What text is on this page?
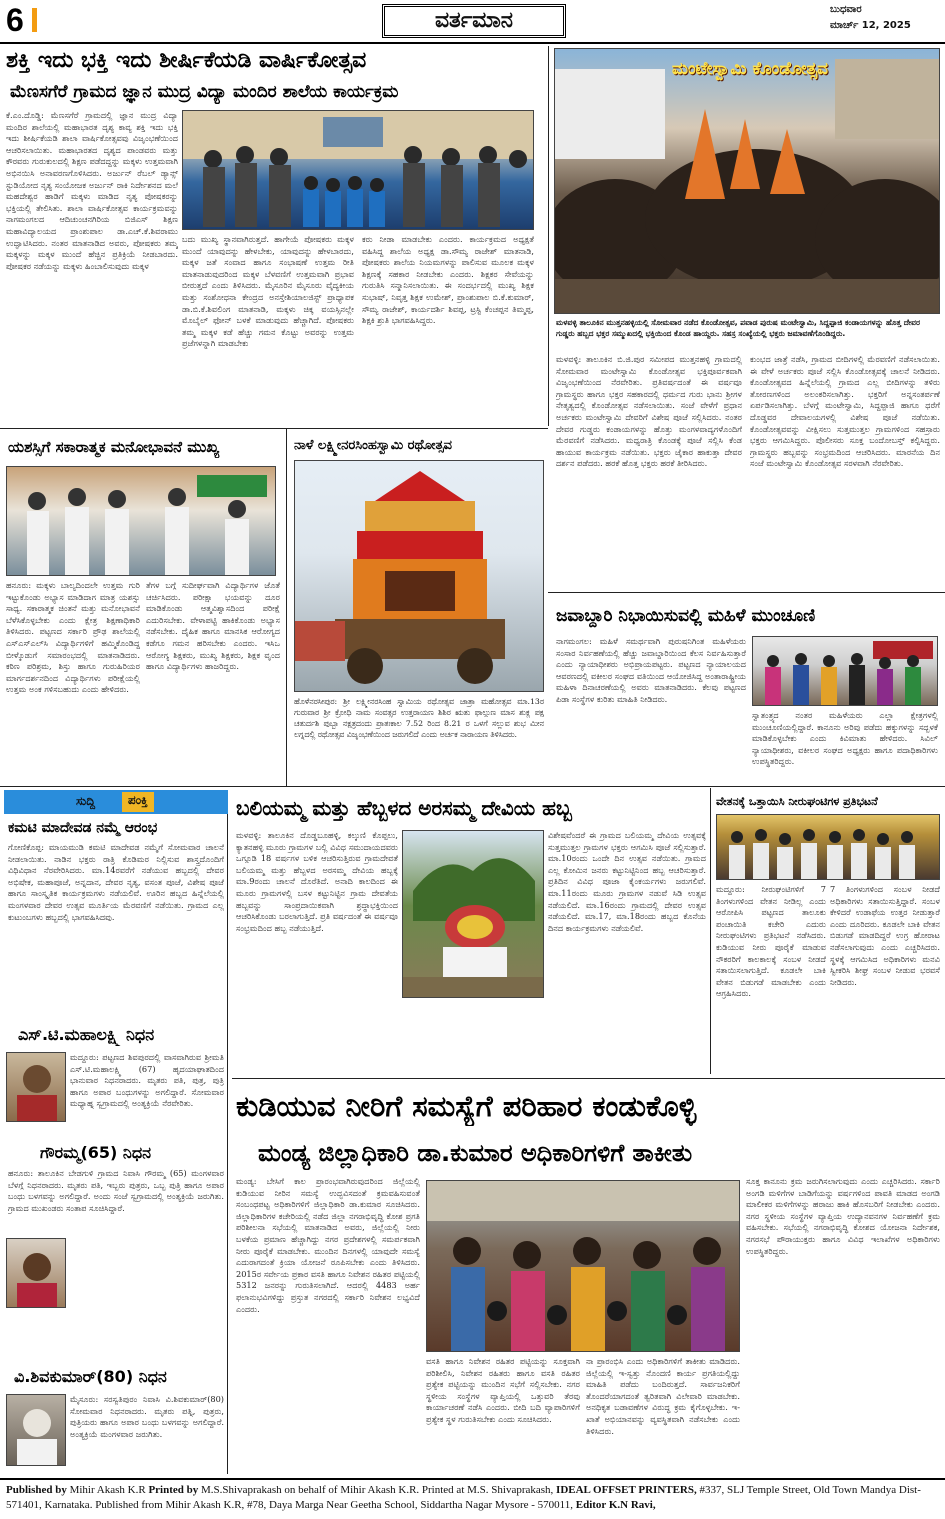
6	ವರ್ತಮಾನ	ಬುಧವಾರ
ಮಾರ್ಚ್ 12, 2025
ಶಕ್ತಿ ಇದು ಭಕ್ತಿ ಇದು ಶೀರ್ಷಿಕೆಯಡಿ ವಾರ್ಷಿಕೋತ್ಸವ
ಮೆಣಸಗೆರೆ ಗ್ರಾಮದ ಜ್ಞಾನ ಮುದ್ರ ವಿದ್ಯಾ ಮಂದಿರ ಶಾಲೆಯ ಕಾರ್ಯಕ್ರಮ
ಕೆ.ಎಂ.ದೊಡ್ಡಿ: ಮೆಣಸಗೆರೆ ಗ್ರಾಮದಲ್ಲಿ ಜ್ಞಾನ ಮುದ್ರ ವಿದ್ಯಾ ಮಂದಿರ ಶಾಲೆಯಲ್ಲಿ ಮಹಾಭಾರತ ದೃಶ್ಯ ಕಾವ್ಯ ಶಕ್ತಿ ಇದು ಭಕ್ತಿ ಇದು ಶೀರ್ಷಿಕೆಯಡಿ ಶಾಲಾ ವಾರ್ಷಿಕೋತ್ಸವವು ವಿಜೃಂಭಣೆಯಿಂದ ಆಚರಿಸಲಾಯಿತು. ಮಹಾಭಾರತದ ದೃಶ್ಯದ ಪಾಂಡವರು ಮತ್ತು ಕೌರವರು ಗುರುಕುಲದಲ್ಲಿ ಶಿಕ್ಷಣ ಪಡೆದದ್ದನ್ನು ಮಕ್ಕಳು ಉತ್ತಮವಾಗಿ ಅಭಿನಯಿಸಿ ಅನಾವರಣಗೊಳಿಸಿದರು. ಅರ್ಜುನ್ ರೆಬಲ್ ಡ್ಯಾನ್ಸ್ ಸ್ಟುಡಿಯೋದ ನೃತ್ಯ ಸಂಯೋಜಕ ಅರ್ಜುನ್ ರಾಕಿ ನಿರ್ದೇಶನದ ಮಲೆ ಮಹದೇಶ್ವರ ಹಾಡಿಗೆ ಮಕ್ಕಳು ಮಾಡಿದ ನೃತ್ಯ ಪೋಷಕರನ್ನು ಭಕ್ತಿಯಲ್ಲಿ ತೇಲಿಸಿತು. ಶಾಲಾ ವಾರ್ಷಿಕೋತ್ಸವ ಕಾರ್ಯಕ್ರಮವನ್ನು ನಾಗಮಂಗಲದ ಆದಿಚುಂಚನಗಿರಿಯ ಬಿಜಿಎಸ್ ಶಿಕ್ಷಣ ಮಹಾವಿದ್ಯಾಲಯದ ಪ್ರಾಂಶುಪಾಲ ಡಾ.ಎಚ್.ಕೆ.ಶಿವರಾಮು ಉದ್ಘಾಟಿಸಿದರು. ನಂತರ ಮಾತನಾಡಿದ ಅವರು, ಪೋಷಕರು ತಮ್ಮ ಮಕ್ಕಳನ್ನು ಮಕ್ಕಳ ಮುಂದೆ ಹೆಚ್ಚಿನ ಪ್ರತಿಕ್ರಿಯೆ ನೀಡಬಾರದು. ಪೋಷಕರ ನಡೆಯನ್ನು ಮಕ್ಕಳು ಹಿಂಬಾಲಿಸುವುದು ಮಕ್ಕಳ
ಬದು ಮುಖ್ಯ ಸ್ಥಾನವಾಗಿರುತ್ತದೆ. ಹಾಗೇಯೆ ಪೋಷಕರು ಮಕ್ಕಳ ಮುಂದೆ ಯಾವುದನ್ನು ಹೇಳಬೇಕು, ಯಾವುದನ್ನು ಹೇಳಬಾರದು, ಮಕ್ಕಳ ಜತೆ ಸಂವಾದ ಹಾಗೂ ಸಂಭಾಷಣೆ ಉತ್ತಮ ರೀತಿ ಮಾತನಾಡುವುದರಿಂದ ಮಕ್ಕಳ ಬೆಳವಣಿಗೆ ಉತ್ತಮವಾಗಿ ಪ್ರಭಾವ ಬೀರುತ್ತದೆ ಎಂದು ತಿಳಿಸಿದರು. ಮೈಸೂರಿನ ಮೈಸೂರು ವೈದ್ಯಕೀಯ ಮತ್ತು ಸಂಶೋಧನಾ ಕೇಂದ್ರದ ಅನಸ್ತೇಶಿಯಾಲಜಿಸ್ಟ್ ಪ್ರಾಧ್ಯಾಪಕ ಡಾ.ಬಿ.ಕೆ.ಶಿವಲಿಂಗ ಮಾತನಾಡಿ, ಮಕ್ಕಳು ಚಿಕ್ಕ ವಯಸ್ಸಿನಲ್ಲೇ ಮೊಬೈಲ್ ಫೋನ್ ಬಳಕೆ ಮಾಡುವುದು ಹೆಚ್ಚಾಗಿದೆ. ಪೋಷಕರು ತಮ್ಮ ಮಕ್ಕಳ ಕಡೆ ಹೆಚ್ಚು ಗಮನ ಕೊಟ್ಟು ಅವರನ್ನು ಉತ್ತಮ ಪ್ರಜೆಗಳನ್ನಾಗಿ ಮಾಡಬೇಕು
ಕರು ನೀಡಾ ಮಾಡಬೇಕು ಎಂದರು. ಕಾರ್ಯಕ್ರಮದ ಅಧ್ಯಕ್ಷತೆ ವಹಿಸಿದ್ದ ಶಾಲೆಯ ಅಧ್ಯಕ್ಷ ಡಾ.ಸೌಮ್ಯ ರಾಜೇಶ್ ಮಾತನಾಡಿ, ಪೋಷಕರು ಶಾಲೆಯ ನಿಯಮಗಳನ್ನು ಪಾಲಿಸುವ ಮೂಲಕ ಮಕ್ಕಳ ಶಿಕ್ಷಣಕ್ಕೆ ಸಹಕಾರ ನೀಡಬೇಕು ಎಂದರು. ಶಿಕ್ಷಕರ ಸೇವೆಯನ್ನು ಗುರುತಿಸಿ ಸನ್ಮಾನಿಸಲಾಯಿತು. ಈ ಸಂದರ್ಭದಲ್ಲಿ ಮುಖ್ಯ ಶಿಕ್ಷಕ ಸುಭಾಷ್, ನಿವೃತ್ತ ಶಿಕ್ಷಕ ಉಮೇಶ್, ಪ್ರಾಂಶುಪಾಲ ಬಿ.ಕೆ.ಕುಮಾರ್, ಸೌಮ್ಯ ರಾಜೇಶ್, ಕಾರ್ಯದರ್ಶಿ ಶಿವಪ್ಪ, ಟ್ರಸ್ಟಿ ಕೆಂಚಪ್ಪನ ತಿಮ್ಮಪ್ಪ, ಶಿಕ್ಷಕಿ ಶ್ರುತಿ ಭಾಗವಹಿಸಿದ್ದರು.
ಮಂಟೇಸ್ವಾಮಿ ಕೊಂಡೋತ್ಸವ
ಮಳವಳ್ಳಿ ತಾಲೂಕಿನ ಮುತ್ತನಹಳ್ಳಿಯಲ್ಲಿ ಸೋಮವಾರ ನಡೆದ ಕೊಂಡೋತ್ಸವ, ಪವಾಡ ಪುರುಷ ಮಂಟೇಸ್ವಾಮಿ, ಸಿದ್ದಪ್ಪಾಜಿ ಕಂಡಾಯಗಳನ್ನು ಹೊತ್ತ ದೇವರ ಗುಡ್ಡರು ಹಬ್ಬದ ಭಕ್ತರ ಸಮ್ಮುಖದಲ್ಲಿ ಭಕ್ತಿಯಿಂದ ಕೊಂಡ ಹಾಯ್ದರು. ಸಹಸ್ರ ಸಂಖ್ಯೆಯಲ್ಲಿ ಭಕ್ತರು ಜಮಾವಣೆಗೊಂಡಿದ್ದರು.
ಮಳವಳ್ಳಿ: ತಾಲೂಕಿನ ಬಿ.ಜಿ.ಪುರ ಸಮೀಪದ ಮುತ್ತನಹಳ್ಳಿ ಗ್ರಾಮದಲ್ಲಿ ಸೋಮವಾರ ಮಂಟೇಸ್ವಾಮಿ ಕೊಂಡೋತ್ಸವ ಭಕ್ತಿಪೂರ್ವಕವಾಗಿ ವಿಜೃಂಭಣೆಯಿಂದ ನೆರವೇರಿತು. ಪ್ರತಿವರ್ಷದಂತೆ ಈ ವರ್ಷವೂ ಗ್ರಾಮಸ್ಥರು ಹಾಗೂ ಭಕ್ತರ ಸಹಕಾರದಲ್ಲಿ ಧರ್ಮದ ಗುರು ಭಾನು ಶ್ರೀಗಳ ನೇತೃತ್ವದಲ್ಲಿ ಕೊಂಡೋತ್ಸವ ನಡೆಸಲಾಯಿತು. ಸಂಜೆ ವೇಳೆಗೆ ಪ್ರಧಾನ ಅರ್ಚಕರು ಮಂಟೇಸ್ವಾಮಿ ದೇವರಿಗೆ ವಿಶೇಷ ಪೂಜೆ ಸಲ್ಲಿಸಿದರು. ನಂತರ ದೇವರ ಗುಡ್ಡರು ಕಂಡಾಯಗಳನ್ನು ಹೊತ್ತು ಮಂಗಳವಾದ್ಯಗಳೊಂದಿಗೆ ಮೆರವಣಿಗೆ ನಡೆಸಿದರು. ಮಧ್ಯರಾತ್ರಿ ಕೊಂಡಕ್ಕೆ ಪೂಜೆ ಸಲ್ಲಿಸಿ ಕೆಂಡ ಹಾಯುವ ಕಾರ್ಯಕ್ರಮ ನಡೆಯಿತು. ಭಕ್ತರು ಜೈಕಾರ ಹಾಕುತ್ತಾ ದೇವರ ದರ್ಶನ ಪಡೆದರು. ಹರಕೆ ಹೊತ್ತ ಭಕ್ತರು ಹರಕೆ ತೀರಿಸಿದರು.
ಕುಂಭದ ಜಾತ್ರೆ ನಡೆಸಿ, ಗ್ರಾಮದ ಬೀದಿಗಳಲ್ಲಿ ಮೆರವಣಿಗೆ ನಡೆಸಲಾಯಿತು. ಈ ವೇಳೆ ಅರ್ಚಕರು ಪೂಜೆ ಸಲ್ಲಿಸಿ ಕೊಂಡೋತ್ಸವಕ್ಕೆ ಚಾಲನೆ ನೀಡಿದರು. ಕೊಂಡೋತ್ಸವದ ಹಿನ್ನೆಲೆಯಲ್ಲಿ ಗ್ರಾಮದ ಎಲ್ಲ ಬೀದಿಗಳನ್ನು ತಳಿರು ತೋರಣಗಳಿಂದ ಅಲಂಕರಿಸಲಾಗಿತ್ತು. ಭಕ್ತರಿಗೆ ಅನ್ನಸಂತರ್ಪಣೆ ಏರ್ಪಡಿಸಲಾಗಿತ್ತು. ಬೆಳಗ್ಗೆ ಮಂಟೇಸ್ವಾಮಿ, ಸಿದ್ದಪ್ಪಾಜಿ ಹಾಗೂ ಧರೆಗೆ ದೊಡ್ಡವರ ದೇವಾಲಯಗಳಲ್ಲಿ ವಿಶೇಷ ಪೂಜೆ ನಡೆಯಿತು. ಕೊಂಡೋತ್ಸವವನ್ನು ವೀಕ್ಷಿಸಲು ಸುತ್ತಮುತ್ತಲ ಗ್ರಾಮಗಳಿಂದ ಸಹಸ್ರಾರು ಭಕ್ತರು ಆಗಮಿಸಿದ್ದರು. ಪೊಲೀಸರು ಸೂಕ್ತ ಬಂದೋಬಸ್ತ್ ಕಲ್ಪಿಸಿದ್ದರು. ಗ್ರಾಮಸ್ಥರು ಹಬ್ಬವನ್ನು ಸಂಭ್ರಮದಿಂದ ಆಚರಿಸಿದರು. ಮಾರನೆಯ ದಿನ ಸಂಜೆ ಮಂಟೇಸ್ವಾಮಿ ಕೊಂಡೋತ್ಸವ ಸರಳವಾಗಿ ನೆರವೇರಿತು.
ಯಶಸ್ಸಿಗೆ ಸಕಾರಾತ್ಮಕ ಮನೋಭಾವನೆ ಮುಖ್ಯ
ಹನೂರು: ಮಕ್ಕಳು ಬಾಲ್ಯದಿಂದಲೇ ಉತ್ತಮ ಗುರಿ ಇಟ್ಟುಕೊಂಡು ಅಭ್ಯಾಸ ಮಾಡಿದಾಗ ಮಾತ್ರ ಯಶಸ್ಸು ಸಾಧ್ಯ. ಸಕಾರಾತ್ಮಕ ಚಿಂತನೆ ಮತ್ತು ಮನೋಭಾವನೆ ಬೆಳೆಸಿಕೊಳ್ಳಬೇಕು ಎಂದು ಕ್ಷೇತ್ರ ಶಿಕ್ಷಣಾಧಿಕಾರಿ ತಿಳಿಸಿದರು. ಪಟ್ಟಣದ ಸರ್ಕಾರಿ ಪ್ರೌಢ ಶಾಲೆಯಲ್ಲಿ ಎಸ್ಎಸ್ಎಲ್‌ಸಿ ವಿದ್ಯಾರ್ಥಿಗಳಿಗೆ ಹಮ್ಮಿಕೊಂಡಿದ್ದ ಬೀಳ್ಕೊಡುಗೆ ಸಮಾರಂಭದಲ್ಲಿ ಮಾತನಾಡಿದರು. ಕಠಿಣ ಪರಿಶ್ರಮ, ಶಿಸ್ತು ಹಾಗೂ ಗುರುಹಿರಿಯರ ಮಾರ್ಗದರ್ಶನದಿಂದ ವಿದ್ಯಾರ್ಥಿಗಳು ಪರೀಕ್ಷೆಯಲ್ಲಿ ಉತ್ತಮ ಅಂಕ ಗಳಿಸಬಹುದು ಎಂದು ಹೇಳಿದರು.
ತೆಗಳ ಬಗ್ಗೆ ಸುದೀರ್ಘವಾಗಿ ವಿದ್ಯಾರ್ಥಿಗಳ ಜೊತೆ ಚರ್ಚಿಸಿದರು. ಪರೀಕ್ಷಾ ಭಯವನ್ನು ದೂರ ಮಾಡಿಕೊಂಡು ಆತ್ಮವಿಶ್ವಾಸದಿಂದ ಪರೀಕ್ಷೆ ಎದುರಿಸಬೇಕು. ವೇಳಾಪಟ್ಟಿ ಹಾಕಿಕೊಂಡು ಅಭ್ಯಾಸ ನಡೆಸಬೇಕು. ದೈಹಿಕ ಹಾಗೂ ಮಾನಸಿಕ ಆರೋಗ್ಯದ ಕಡೆಗೂ ಗಮನ ಹರಿಸಬೇಕು ಎಂದರು. ಇಸಿಒ ಆರೋಗ್ಯ ಶಿಕ್ಷಕರು, ಮುಖ್ಯ ಶಿಕ್ಷಕರು, ಶಿಕ್ಷಕ ವೃಂದ ಹಾಗೂ ವಿದ್ಯಾರ್ಥಿಗಳು ಹಾಜರಿದ್ದರು.
ನಾಳೆ ಲಕ್ಷ್ಮೀನರಸಿಂಹಸ್ವಾಮಿ ರಥೋತ್ಸವ
ಹೊಳೆನರಸೀಪುರ: ಶ್ರೀ ಲಕ್ಷ್ಮೀನರಸಿಂಹ ಸ್ವಾಮಿಯ ರಥೋತ್ಸವ ಜಾತ್ರಾ ಮಹೋತ್ಸವ ಮಾ.13ರ ಗುರುವಾರ ಶ್ರೀ ಕ್ರೋಧಿ ನಾಮ ಸಂವತ್ಸರ ಉತ್ತರಾಯಣ ಶಿಶಿರ ಋತು ಫಾಲ್ಗುಣ ಮಾಸ ಶುಕ್ಲ ಪಕ್ಷ ಚತುರ್ದಶಿ ಪುಬ್ಬಾ ನಕ್ಷತ್ರದಂದು ಪ್ರಾತಃಕಾಲ 7.52 ರಿಂದ 8.21 ರ ಒಳಗೆ ಸಲ್ಲುವ ಶುಭ ಮೀನ ಲಗ್ನದಲ್ಲಿ ರಥೋತ್ಸವ ವಿಜೃಂಭಣೆಯಿಂದ ಜರುಗಲಿದೆ ಎಂದು ಅರ್ಚಕ ನಾರಾಯಣ ತಿಳಿಸಿದರು.
ಜವಾಬ್ದಾರಿ ನಿಭಾಯಿಸುವಲ್ಲಿ ಮಹಿಳೆ ಮುಂಚೂಣಿ
ನಾಗಮಂಗಲ: ಮಹಿಳೆ ಸಮರ್ಥವಾಗಿ ಪುರುಷನಿಗಿಂತ ಮಹಿಳೆಯರು ಸಂಸಾರ ನಿರ್ವಹಣೆಯಲ್ಲಿ ಹೆಚ್ಚು ಜವಾಬ್ದಾರಿಯಿಂದ ಕೆಲಸ ನಿರ್ವಹಿಸುತ್ತಾರೆ ಎಂದು ನ್ಯಾಯಾಧೀಶರು ಅಭಿಪ್ರಾಯಪಟ್ಟರು. ಪಟ್ಟಣದ ನ್ಯಾಯಾಲಯದ ಆವರಣದಲ್ಲಿ ವಕೀಲರ ಸಂಘದ ವತಿಯಿಂದ ಆಯೋಜಿಸಿದ್ದ ಅಂತಾರಾಷ್ಟ್ರೀಯ ಮಹಿಳಾ ದಿನಾಚರಣೆಯಲ್ಲಿ ಅವರು ಮಾತನಾಡಿದರು. ಕೆಲವು ಪಟ್ಟಣದ ಪಿಡಾ ಸಂಸ್ಥೆಗಳ ಕುರಿತು ಮಾಹಿತಿ ನೀಡಿದರು.
ಸ್ವಾತಂತ್ರ್ಯದ ನಂತರ ಮಹಿಳೆಯರು ಎಲ್ಲಾ ಕ್ಷೇತ್ರಗಳಲ್ಲಿ ಮುಂಚೂಣಿಯಲ್ಲಿದ್ದಾರೆ. ಕಾನೂನು ಅರಿವು ಪಡೆದು ಹಕ್ಕುಗಳನ್ನು ಸದ್ಬಳಕೆ ಮಾಡಿಕೊಳ್ಳಬೇಕು ಎಂದು ಕಿವಿಮಾತು ಹೇಳಿದರು. ಸಿವಿಲ್ ನ್ಯಾಯಾಧೀಶರು, ವಕೀಲರ ಸಂಘದ ಅಧ್ಯಕ್ಷರು ಹಾಗೂ ಪದಾಧಿಕಾರಿಗಳು ಉಪಸ್ಥಿತರಿದ್ದರು.
ಸುದ್ದಿ	ಪಂಕ್ತಿ
ಕಮಟಿ ಮಾದೇವಡ ನಮ್ಮೆ ಆರಂಭ
ಗೋಣಿಕೊಪ್ಪ: ಮಾಯಮುಡಿ ಕಮಟಿ ಮಾದೇವಡ ನಮ್ಮೆಗೆ ಸೋಮವಾರ ಚಾಲನೆ ನೀಡಲಾಯಿತು. ನಾಡಿನ ಭಕ್ತರು ರಾತ್ರಿ ಕೊಡಿಮರ ನಿಲ್ಲಿಸುವ ಶಾಸ್ತ್ರದೊಂದಿಗೆ ವಿಧಿವಿಧಾನ ನೆರವೇರಿಸಿದರು. ಮಾ.14ರವರೆಗೆ ನಡೆಯುವ ಹಬ್ಬದಲ್ಲಿ ದೇವರ ಅಭಿಷೇಕ, ಮಹಾಪೂಜೆ, ಅನ್ನದಾನ, ದೇವರ ನೃತ್ಯ, ವಸಂತ ಪೂಜೆ, ವಿಶೇಷ ಪೂಜೆ ಹಾಗೂ ಸಾಂಸ್ಕೃತಿಕ ಕಾರ್ಯಕ್ರಮಗಳು ನಡೆಯಲಿವೆ. ಊರಿನ ಹಬ್ಬದ ಹಿನ್ನೆಲೆಯಲ್ಲಿ ಮಂಗಳವಾರ ದೇವರ ಉತ್ಸವ ಮೂರ್ತಿಯ ಮೆರವಣಿಗೆ ನಡೆಯಿತು. ಗ್ರಾಮದ ಎಲ್ಲ ಕುಟುಂಬಗಳು ಹಬ್ಬದಲ್ಲಿ ಭಾಗವಹಿಸಿದವು.
ಎಸ್.ಟಿ.ಮಹಾಲಕ್ಷ್ಮಿ ನಿಧನ
ಮದ್ದೂರು: ಪಟ್ಟಣದ ಶಿವಪುರದಲ್ಲಿ ವಾಸವಾಗಿರುವ ಶ್ರೀಮತಿ ಎಸ್.ಟಿ.ಮಹಾಲಕ್ಷ್ಮಿ (67) ಹೃದಯಾಘಾತದಿಂದ ಭಾನುವಾರ ನಿಧನರಾದರು. ಮೃತರು ಪತಿ, ಪುತ್ರ, ಪುತ್ರಿ ಹಾಗೂ ಅಪಾರ ಬಂಧುಗಳನ್ನು ಅಗಲಿದ್ದಾರೆ. ಸೋಮವಾರ ಮಧ್ಯಾಹ್ನ ಸ್ವಗ್ರಾಮದಲ್ಲಿ ಅಂತ್ಯಕ್ರಿಯೆ ನೆರವೇರಿತು.
ಗೌರಮ್ಮ(65) ನಿಧನ
ಹನೂರು: ತಾಲೂಕಿನ ಬೇಡಗುಳಿ ಗ್ರಾಮದ ನಿವಾಸಿ ಗೌರಮ್ಮ (65) ಮಂಗಳವಾರ ಬೆಳಗ್ಗೆ ನಿಧನರಾದರು. ಮೃತರು ಪತಿ, ಇಬ್ಬರು ಪುತ್ರರು, ಒಬ್ಬ ಪುತ್ರಿ ಹಾಗೂ ಅಪಾರ ಬಂಧು ಬಳಗವನ್ನು ಅಗಲಿದ್ದಾರೆ. ಅಂದು ಸಂಜೆ ಸ್ವಗ್ರಾಮದಲ್ಲಿ ಅಂತ್ಯಕ್ರಿಯೆ ಜರುಗಿತು. ಗ್ರಾಮದ ಮುಖಂಡರು ಸಂತಾಪ ಸೂಚಿಸಿದ್ದಾರೆ.
ವಿ.ಶಿವಕುಮಾರ್(80) ನಿಧನ
ಮೈಸೂರು: ಸರಸ್ವತಿಪುರಂ ನಿವಾಸಿ ವಿ.ಶಿವಕುಮಾರ್(80) ಸೋಮವಾರ ನಿಧನರಾದರು. ಮೃತರು ಪತ್ನಿ, ಪುತ್ರರು, ಪುತ್ರಿಯರು ಹಾಗೂ ಅಪಾರ ಬಂಧು ಬಳಗವನ್ನು ಅಗಲಿದ್ದಾರೆ. ಅಂತ್ಯಕ್ರಿಯೆ ಮಂಗಳವಾರ ಜರುಗಿತು.
ಬಲಿಯಮ್ಮ ಮತ್ತು ಹೆಬ್ಬಳದ ಅರಸಮ್ಮ ದೇವಿಯ ಹಬ್ಬ
ಮಳವಳ್ಳಿ: ತಾಲೂಕಿನ ದೊಡ್ಡಬೂಹಳ್ಳಿ, ಕಲ್ಕುಣಿ ಕೊಪ್ಪಲು, ಕ್ಯಾತನಹಳ್ಳಿ ಮೂರು ಗ್ರಾಮಗಳ ಬಲ್ಲಿ ವಿವಿಧ ಸಮುದಾಯದವರು ಒಗ್ಗೂಡಿ 18 ವರ್ಷಗಳ ಬಳಿಕ ಆಚರಿಸುತ್ತಿರುವ ಗ್ರಾಮದೇವತೆ ಬಲಿಯಮ್ಮ ಮತ್ತು ಹೆಬ್ಬಳದ ಅರಸಮ್ಮ ದೇವಿಯ ಹಬ್ಬಕ್ಕೆ ಮಾ.9ರಂದು ಚಾಲನೆ ದೊರೆತಿದೆ. ಅನಾದಿ ಕಾಲದಿಂದ ಈ ಮೂರು ಗ್ರಾಮಗಳಲ್ಲಿ ಬಸಳ ಕಟ್ಟುನಿಟ್ಟಿನ ಗ್ರಾಮ ದೇವತೆಯ ಹಬ್ಬವನ್ನು ಸಾಂಪ್ರದಾಯಿಕವಾಗಿ ಶ್ರದ್ಧಾಭಕ್ತಿಯಿಂದ ಆಚರಿಸಿಕೊಂಡು ಬರಲಾಗುತ್ತಿದೆ. ಪ್ರತಿ ವರ್ಷದಂತೆ ಈ ವರ್ಷವೂ ಸಂಭ್ರಮದಿಂದ ಹಬ್ಬ ನಡೆಯುತ್ತಿದೆ.
ವಿಶೇಷವೆಂದರೆ ಈ ಗ್ರಾಮದ ಬಲಿಯಮ್ಮ ದೇವಿಯ ಉತ್ಸವಕ್ಕೆ ಸುತ್ತಮುತ್ತಲ ಗ್ರಾಮಗಳ ಭಕ್ತರು ಆಗಮಿಸಿ ಪೂಜೆ ಸಲ್ಲಿಸುತ್ತಾರೆ. ಮಾ.10ರಂದು ಒಂದೇ ದಿನ ಉತ್ಸವ ನಡೆಯಿತು. ಗ್ರಾಮದ ಎಲ್ಲ ಕೋಮಿನ ಜನರು ಕಟ್ಟುನಿಟ್ಟಿನಿಂದ ಹಬ್ಬ ಆಚರಿಸುತ್ತಾರೆ. ಪ್ರತಿದಿನ ವಿವಿಧ ಪೂಜಾ ಕೈಂಕರ್ಯಗಳು ಜರುಗಲಿವೆ. ಮಾ.11ರಂದು ಮೂರು ಗ್ರಾಮಗಳ ನಡುವೆ ಸಿಡಿ ಉತ್ಸವ ನಡೆಯಲಿದೆ. ಮಾ.16ರಂದು ಗ್ರಾಮದಲ್ಲಿ ದೇವರ ಉತ್ಸವ ನಡೆಯಲಿದೆ. ಮಾ.17, ಮಾ.18ರಂದು ಹಬ್ಬದ ಕೊನೆಯ ದಿನದ ಕಾರ್ಯಕ್ರಮಗಳು ನಡೆಯಲಿವೆ.
ವೇತನಕ್ಕೆ ಒತ್ತಾಯಿಸಿ ನೀರುಘಂಟಿಗಳ ಪ್ರತಿಭಟನೆ
ಮದ್ದೂರು: ನೀರುಘಂಟಿಗಳಿಗೆ 7 ತಿಂಗಳುಗಳಿಂದ ವೇತನ ನೀಡಿಲ್ಲ ಎಂದು ಆರೋಪಿಸಿ ಪಟ್ಟಣದ ತಾಲೂಕು ಪಂಚಾಯಿತಿ ಕಚೇರಿ ಎದುರು ನೀರುಘಂಟಿಗಳು ಪ್ರತಿಭಟನೆ ನಡೆಸಿದರು. ಕುಡಿಯುವ ನೀರು ಪೂರೈಕೆ ಮಾಡುವ ನೌಕರರಿಗೆ ಕಾಲಕಾಲಕ್ಕೆ ಸಂಬಳ ನೀಡದೆ ಸತಾಯಿಸಲಾಗುತ್ತಿದೆ. ಕೂಡಲೇ ಬಾಕಿ ವೇತನ ಬಿಡುಗಡೆ ಮಾಡಬೇಕು ಎಂದು ಆಗ್ರಹಿಸಿದರು.
7 ತಿಂಗಳುಗಳಿಂದ ಸಂಬಳ ನೀಡದೆ ಅಧಿಕಾರಿಗಳು ಸತಾಯಿಸುತ್ತಿದ್ದಾರೆ. ಸಂಬಳ ಕೇಳಿದರೆ ಉಡಾಫೆಯ ಉತ್ತರ ನೀಡುತ್ತಾರೆ ಎಂದು ದೂರಿದರು. ಕೂಡಲೇ ಬಾಕಿ ವೇತನ ಬಿಡುಗಡೆ ಮಾಡದಿದ್ದರೆ ಉಗ್ರ ಹೋರಾಟ ನಡೆಸಲಾಗುವುದು ಎಂದು ಎಚ್ಚರಿಸಿದರು. ಸ್ಥಳಕ್ಕೆ ಆಗಮಿಸಿದ ಅಧಿಕಾರಿಗಳು ಮನವಿ ಸ್ವೀಕರಿಸಿ ಶೀಘ್ರ ಸಂಬಳ ನೀಡುವ ಭರವಸೆ ನೀಡಿದರು.
ಕುಡಿಯುವ ನೀರಿಗೆ ಸಮಸ್ಯೆಗೆ ಪರಿಹಾರ ಕಂಡುಕೊಳ್ಳಿ
ಮಂಡ್ಯ ಜಿಲ್ಲಾಧಿಕಾರಿ ಡಾ.ಕುಮಾರ ಅಧಿಕಾರಿಗಳಿಗೆ ತಾಕೀತು
ಮಂಡ್ಯ: ಬೇಸಿಗೆ ಕಾಲ ಪ್ರಾರಂಭವಾಗಿರುವುದರಿಂದ ಜಿಲ್ಲೆಯಲ್ಲಿ ಕುಡಿಯುವ ನೀರಿನ ಸಮಸ್ಯೆ ಉದ್ಭವಿಸದಂತೆ ಕ್ರಮವಹಿಸುವಂತೆ ಸಂಬಂಧಪಟ್ಟ ಅಧಿಕಾರಿಗಳಿಗೆ ಜಿಲ್ಲಾಧಿಕಾರಿ ಡಾ.ಕುಮಾರ ಸೂಚಿಸಿದರು. ಜಿಲ್ಲಾಧಿಕಾರಿಗಳ ಕಚೇರಿಯಲ್ಲಿ ನಡೆದ ಜಿಲ್ಲಾ ನಗರಾಭಿವೃದ್ಧಿ ಕೋಶ ಪ್ರಗತಿ ಪರಿಶೀಲನಾ ಸಭೆಯಲ್ಲಿ ಮಾತನಾಡಿದ ಅವರು, ಜಿಲ್ಲೆಯಲ್ಲಿ ನೀರು ಬಳಕೆಯ ಪ್ರಮಾಣ ಹೆಚ್ಚಾಗಿದ್ದು ನಗರ ಪ್ರದೇಶಗಳಲ್ಲಿ ಸಮರ್ಪಕವಾಗಿ ನೀರು ಪೂರೈಕೆ ಮಾಡಬೇಕು. ಮುಂದಿನ ದಿನಗಳಲ್ಲಿ ಯಾವುದೇ ಸಮಸ್ಯೆ ಎದುರಾಗದಂತೆ ಕ್ರಿಯಾ ಯೋಜನೆ ರೂಪಿಸಬೇಕು ಎಂದು ತಿಳಿಸಿದರು. 2015ರ ಸರ್ವೇಯ ಪ್ರಕಾರ ವಸತಿ ಹಾಗೂ ನಿವೇಶನ ರಹಿತರ ಪಟ್ಟಿಯಲ್ಲಿ 5312 ಜನರನ್ನು ಗುರುತಿಸಲಾಗಿದೆ. ಆದರಲ್ಲಿ 4483 ಅರ್ಹ ಫಲಾನುಭವಿಗಳಿದ್ದು ಪ್ರಸ್ತುತ ನಗರದಲ್ಲಿ ಸರ್ಕಾರಿ ನಿವೇಶನ ಲಭ್ಯವಿದೆ ಎಂದರು.
ವಸತಿ ಹಾಗೂ ನಿವೇಶನ ರಹಿತರ ಪಟ್ಟಿಯನ್ನು ಸೂಕ್ತವಾಗಿ ಪರಿಶೀಲಿಸಿ, ನಿವೇಶನ ರಹಿತರು ಹಾಗೂ ವಸತಿ ರಹಿತರ ಪ್ರತ್ಯೇಕ ಪಟ್ಟಿಯನ್ನು ಮುಂದಿನ ಸಭೆಗೆ ಸಲ್ಲಿಸಬೇಕು. ನಗರ ಸ್ಥಳೀಯ ಸಂಸ್ಥೆಗಳ ವ್ಯಾಪ್ತಿಯಲ್ಲಿ ಒತ್ತುವರಿ ತೆರವು ಕಾರ್ಯಾಚರಣೆ ನಡೆಸಿ ಎಂದರು. ಬೀದಿ ಬದಿ ವ್ಯಾಪಾರಿಗಳಿಗೆ ಪ್ರತ್ಯೇಕ ಸ್ಥಳ ಗುರುತಿಸಬೇಕು ಎಂದು ಸೂಚಿಸಿದರು.
ನಾ ಪ್ರಾರಂಭಿಸಿ ಎಂದು ಅಧಿಕಾರಿಗಳಿಗೆ ತಾಕೀತು ಮಾಡಿದರು. ಜಿಲ್ಲೆಯಲ್ಲಿ ಇ-ಸ್ವತ್ತು ನೊಂದಣಿ ಕಾರ್ಯ ಪ್ರಗತಿಯಲ್ಲಿದ್ದು ಮಾಹಿತಿ ಪಡೆದು ಬಂದಿರುತ್ತದೆ. ಸಾರ್ವಜನಿಕರಿಗೆ ತೊಂದರೆಯಾಗದಂತೆ ತ್ವರಿತವಾಗಿ ವಿಲೇವಾರಿ ಮಾಡಬೇಕು. ಅನಧಿಕೃತ ಬಡಾವಣೆಗಳ ವಿರುದ್ಧ ಕ್ರಮ ಕೈಗೊಳ್ಳಬೇಕು. ಇ-ಖಾತೆ ಅಭಿಯಾನವನ್ನು ವ್ಯವಸ್ಥಿತವಾಗಿ ನಡೆಸಬೇಕು ಎಂದು ತಿಳಿಸಿದರು.
ಸೂಕ್ತ ಕಾನೂನು ಕ್ರಮ ಜರುಗಿಸಲಾಗುವುದು ಎಂದು ಎಚ್ಚರಿಸಿದರು. ಸರ್ಕಾರಿ ಅಂಗಡಿ ಮಳಿಗೆಗಳ ಬಾಡಿಗೆಯನ್ನು ವರ್ಷಗಳಿಂದ ಪಾವತಿ ಮಾಡದ ಅಂಗಡಿ ಮಾಲೀಕರ ಮಳಿಗೆಗಳನ್ನು ಹರಾಜು ಹಾಕಿ ಹೊಸಬರಿಗೆ ನೀಡಬೇಕು ಎಂದರು. ನಗರ ಸ್ಥಳೀಯ ಸಂಸ್ಥೆಗಳ ವ್ಯಾಪ್ತಿಯ ಉದ್ಯಾನವನಗಳ ನಿರ್ವಹಣೆಗೆ ಕ್ರಮ ವಹಿಸಬೇಕು. ಸಭೆಯಲ್ಲಿ ನಗರಾಭಿವೃದ್ಧಿ ಕೋಶದ ಯೋಜನಾ ನಿರ್ದೇಶಕ, ನಗರಸಭೆ ಪೌರಾಯುಕ್ತರು ಹಾಗೂ ವಿವಿಧ ಇಲಾಖೆಗಳ ಅಧಿಕಾರಿಗಳು ಉಪಸ್ಥಿತರಿದ್ದರು.
Published by Mihir Akash K.R Printed by M.S.Shivaprakash on behalf of Mihir Akash K.R. Printed at M.S. Shivaprakash, IDEAL OFFSET PRINTERS, #337, SLJ Temple Street, Old Town Mandya Dist-571401, Karnataka. Published from Mihir Akash K.R, #78, Daya Marga Near Geetha School, Siddartha Nagar Mysore - 570011, Editor K.N Ravi,
